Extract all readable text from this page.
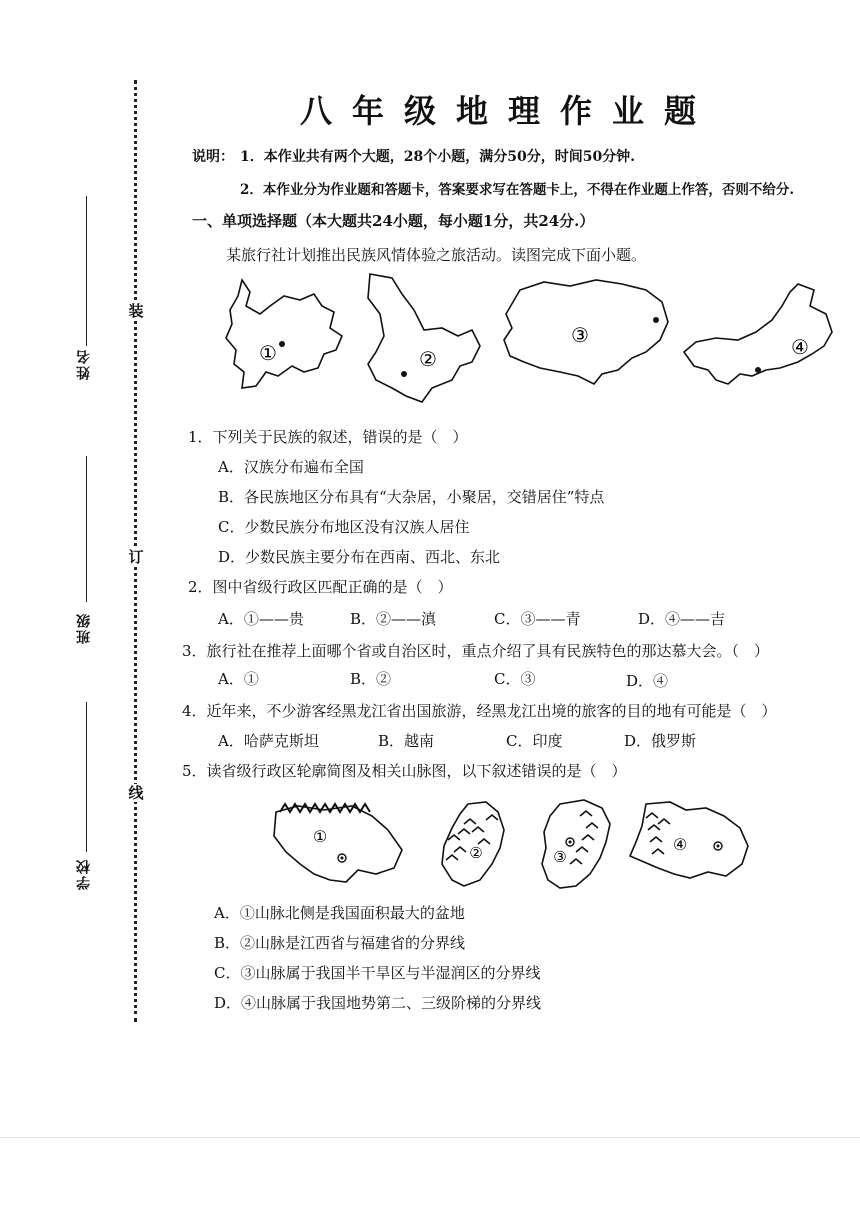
装
订
线
姓名
班级
学校
八年级地理作业题
说明： 1．本作业共有两个大题，28个小题，满分50分，时间50分钟.
2．本作业分为作业题和答题卡，答案要求写在答题卡上，不得在作业题上作答，否则不给分.
一、单项选择题（本大题共24小题，每小题1分，共24分.）
某旅行社计划推出民族风情体验之旅活动。读图完成下面小题。
①	②
③	④
1．下列关于民族的叙述，错误的是（　）
A．汉族分布遍布全国
B．各民族地区分布具有“大杂居，小聚居，交错居住”特点
C．少数民族分布地区没有汉族人居住
D．少数民族主要分布在西南、西北、东北
2．图中省级行政区匹配正确的是（　）
A．①——贵	B．②——滇	C．③——青	D．④——吉
3．旅行社在推荐上面哪个省或自治区时，重点介绍了具有民族特色的那达慕大会。（　）
A．①	B．②	C．③	D．④
4．近年来，不少游客经黑龙江省出国旅游，经黑龙江出境的旅客的目的地有可能是（　）
A．哈萨克斯坦	B．越南	C．印度	D．俄罗斯
5．读省级行政区轮廓简图及相关山脉图，以下叙述错误的是（　）
①
②	③
④
A．①山脉北侧是我国面积最大的盆地
B．②山脉是江西省与福建省的分界线
C．③山脉属于我国半干旱区与半湿润区的分界线
D．④山脉属于我国地势第二、三级阶梯的分界线
